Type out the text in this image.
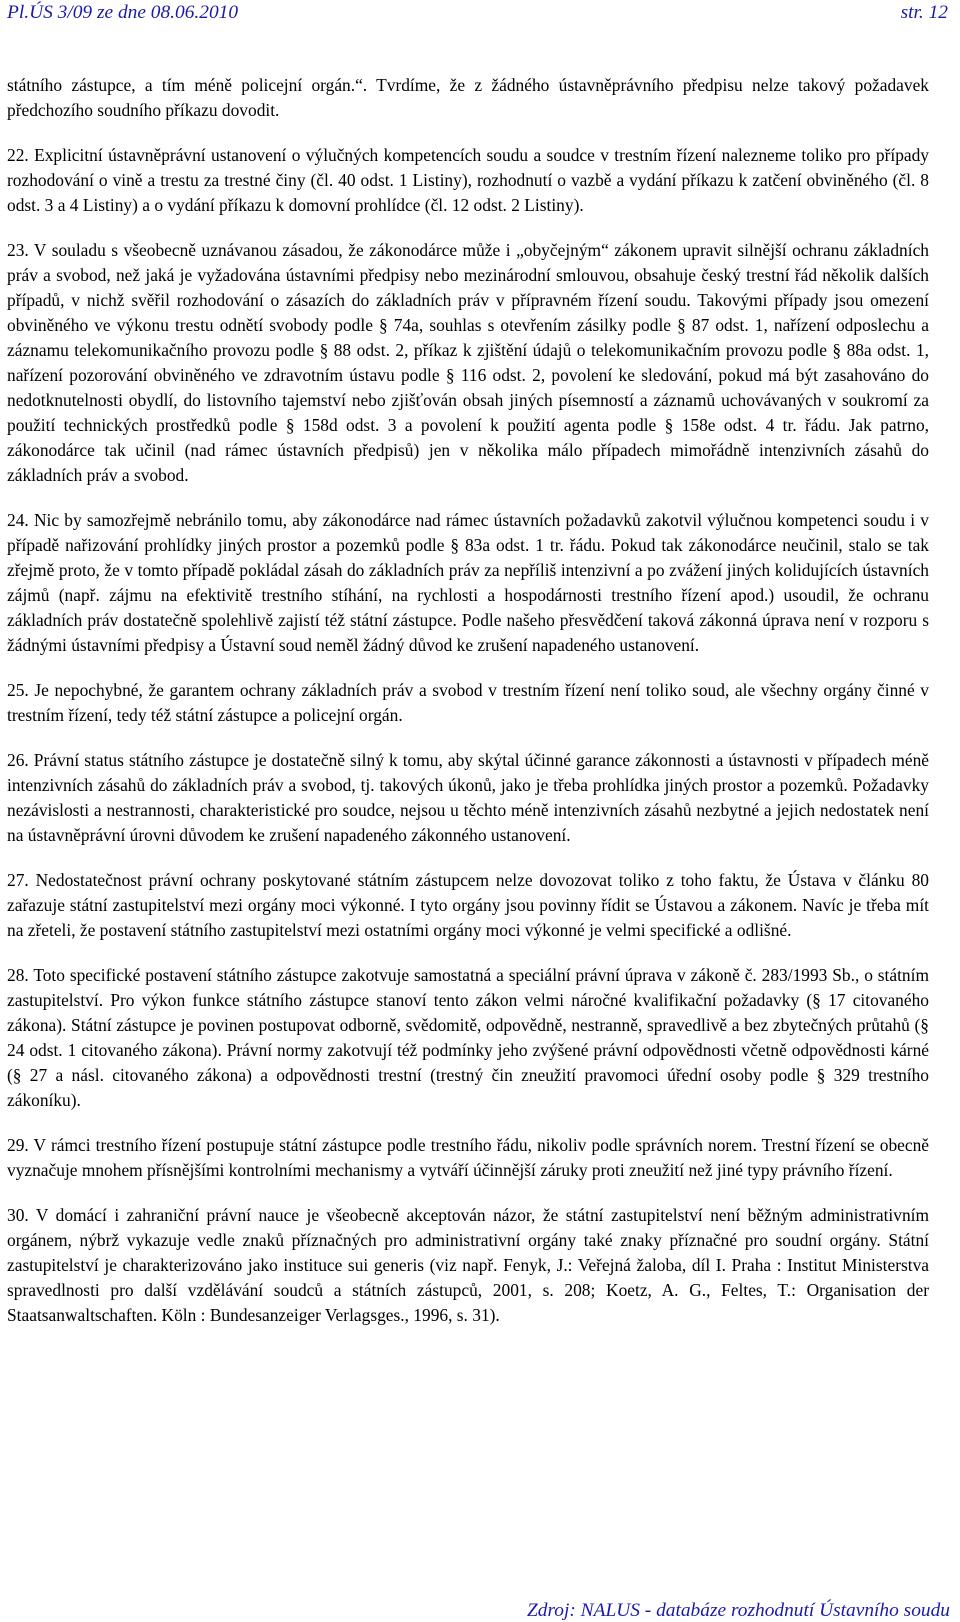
Pl.ÚS 3/09 ze dne 08.06.2010	str. 12

státního zástupce, a tím méně policejní orgán.“. Tvrdíme, že z žádného ústavněprávního předpisu nelze takový požadavek předchozího soudního příkazu dovodit.

22. Explicitní ústavněprávní ustanovení o výlučných kompetencích soudu a soudce v trestním řízení nalezneme toliko pro případy rozhodování o vině a trestu za trestné činy (čl. 40 odst. 1 Listiny), rozhodnutí o vazbě a vydání příkazu k zatčení obviněného (čl. 8 odst. 3 a 4 Listiny) a o vydání příkazu k domovní prohlídce (čl. 12 odst. 2 Listiny).

23. V souladu s všeobecně uznávanou zásadou, že zákonodárce může i „obyčejným“ zákonem upravit silnější ochranu základních práv a svobod, než jaká je vyžadována ústavními předpisy nebo mezinárodní smlouvou, obsahuje český trestní řád několik dalších případů, v nichž svěřil rozhodování o zásazích do základních práv v přípravném řízení soudu. Takovými případy jsou omezení obviněného ve výkonu trestu odnětí svobody podle § 74a, souhlas s otevřením zásilky podle § 87 odst. 1, nařízení odposlechu a záznamu telekomunikačního provozu podle § 88 odst. 2, příkaz k zjištění údajů o telekomunikačním provozu podle § 88a odst. 1, nařízení pozorování obviněného ve zdravotním ústavu podle § 116 odst. 2, povolení ke sledování, pokud má být zasahováno do nedotknutelnosti obydlí, do listovního tajemství nebo zjišťován obsah jiných písemností a záznamů uchovávaných v soukromí za použití technických prostředků podle § 158d odst. 3 a povolení k použití agenta podle § 158e odst. 4 tr. řádu. Jak patrno, zákonodárce tak učinil (nad rámec ústavních předpisů) jen v několika málo případech mimořádně intenzivních zásahů do základních práv a svobod.

24. Nic by samozřejmě nebránilo tomu, aby zákonodárce nad rámec ústavních požadavků zakotvil výlučnou kompetenci soudu i v případě nařizování prohlídky jiných prostor a pozemků podle § 83a odst. 1 tr. řádu. Pokud tak zákonodárce neučinil, stalo se tak zřejmě proto, že v tomto případě pokládal zásah do základních práv za nepříliš intenzivní a po zvážení jiných kolidujících ústavních zájmů (např. zájmu na efektivitě trestního stíhání, na rychlosti a hospodárnosti trestního řízení apod.) usoudil, že ochranu základních práv dostatečně spolehlivě zajistí též státní zástupce. Podle našeho přesvědčení taková zákonná úprava není v rozporu s žádnými ústavními předpisy a Ústavní soud neměl žádný důvod ke zrušení napadeného ustanovení.

25. Je nepochybné, že garantem ochrany základních práv a svobod v trestním řízení není toliko soud, ale všechny orgány činné v trestním řízení, tedy též státní zástupce a policejní orgán.

26. Právní status státního zástupce je dostatečně silný k tomu, aby skýtal účinné garance zákonnosti a ústavnosti v případech méně intenzivních zásahů do základních práv a svobod, tj. takových úkonů, jako je třeba prohlídka jiných prostor a pozemků. Požadavky nezávislosti a nestrannosti, charakteristické pro soudce, nejsou u těchto méně intenzivních zásahů nezbytné a jejich nedostatek není na ústavněprávní úrovni důvodem ke zrušení napadeného zákonného ustanovení.

27. Nedostatečnost právní ochrany poskytované státním zástupcem nelze dovozovat toliko z toho faktu, že Ústava v článku 80 zařazuje státní zastupitelství mezi orgány moci výkonné. I tyto orgány jsou povinny řídit se Ústavou a zákonem. Navíc je třeba mít na zřeteli, že postavení státního zastupitelství mezi ostatními orgány moci výkonné je velmi specifické a odlišné.

28. Toto specifické postavení státního zástupce zakotvuje samostatná a speciální právní úprava v zákoně č. 283/1993 Sb., o státním zastupitelství. Pro výkon funkce státního zástupce stanoví tento zákon velmi náročné kvalifikační požadavky (§ 17 citovaného zákona). Státní zástupce je povinen postupovat odborně, svědomitě, odpovědně, nestranně, spravedlivě a bez zbytečných průtahů (§ 24 odst. 1 citovaného zákona). Právní normy zakotvují též podmínky jeho zvýšené právní odpovědnosti včetně odpovědnosti kárné (§ 27 a násl. citovaného zákona) a odpovědnosti trestní (trestný čin zneužití pravomoci úřední osoby podle § 329 trestního zákoníku).

29. V rámci trestního řízení postupuje státní zástupce podle trestního řádu, nikoliv podle správních norem. Trestní řízení se obecně vyznačuje mnohem přísnějšími kontrolními mechanismy a vytváří účinnější záruky proti zneužití než jiné typy právního řízení.

30. V domácí i zahraniční právní nauce je všeobecně akceptován názor, že státní zastupitelství není běžným administrativním orgánem, nýbrž vykazuje vedle znaků příznačných pro administrativní orgány také znaky příznačné pro soudní orgány. Státní zastupitelství je charakterizováno jako instituce sui generis (viz např. Fenyk, J.: Veřejná žaloba, díl I. Praha : Institut Ministerstva spravedlnosti pro další vzdělávání soudců a státních zástupců, 2001, s. 208; Koetz, A. G., Feltes, T.: Organisation der Staatsanwaltschaften. Köln : Bundesanzeiger Verlagsges., 1996, s. 31).

Zdroj: NALUS - databáze rozhodnutí Ústavního soudu
